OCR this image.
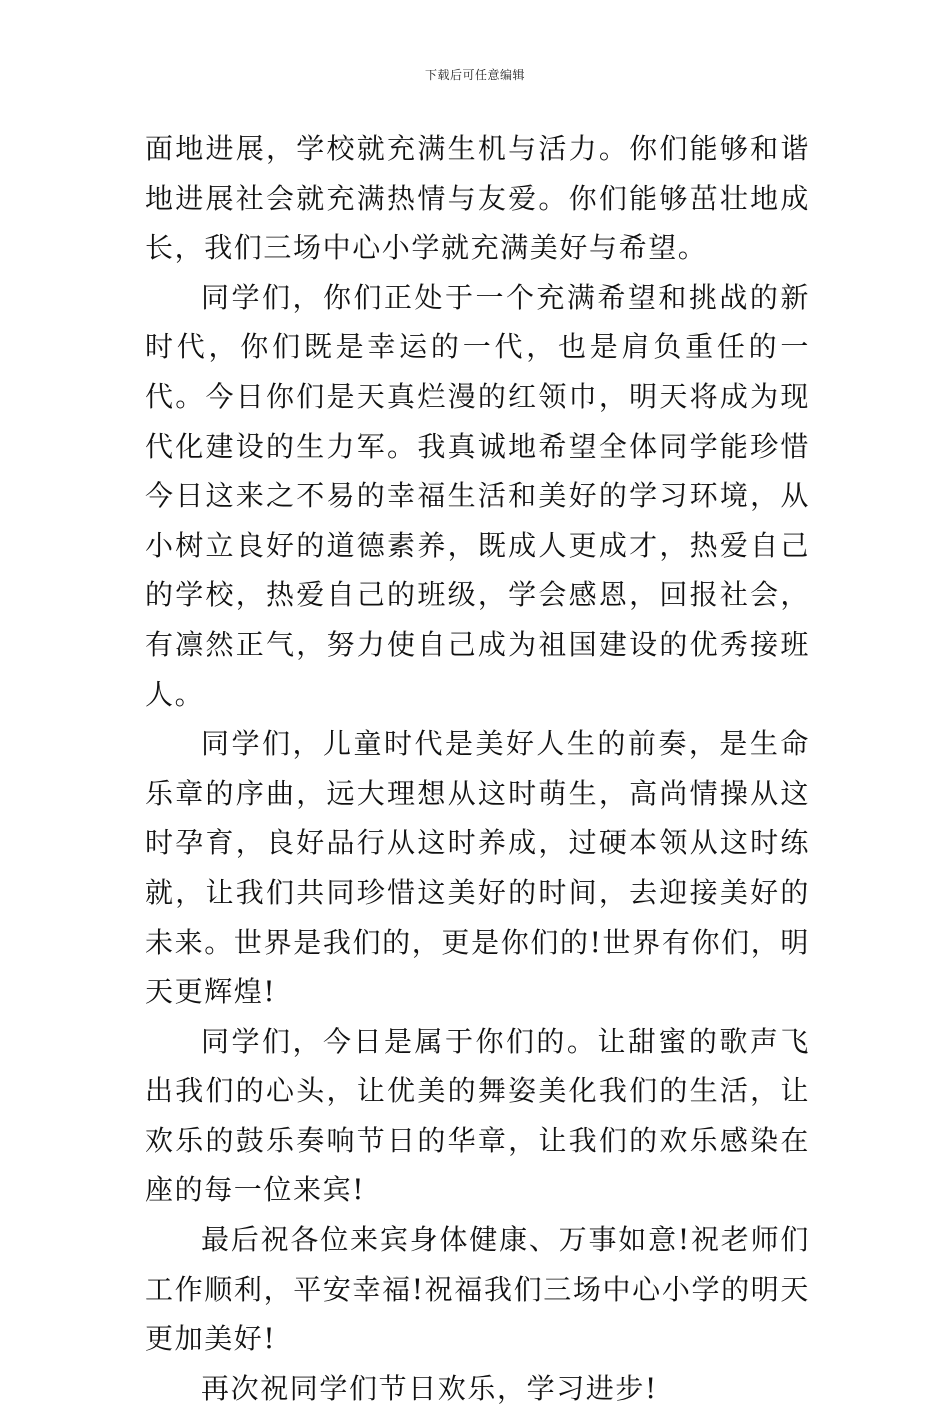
下载后可任意编辑

面地进展，学校就充满生机与活力。你们能够和谐地进展社会就充满热情与友爱。你们能够茁壮地成长，我们三场中心小学就充满美好与希望。

同学们，你们正处于一个充满希望和挑战的新时代，你们既是幸运的一代，也是肩负重任的一代。今日你们是天真烂漫的红领巾，明天将成为现代化建设的生力军。我真诚地希望全体同学能珍惜今日这来之不易的幸福生活和美好的学习环境，从小树立良好的道德素养，既成人更成才，热爱自己的学校，热爱自己的班级，学会感恩，回报社会，有凛然正气，努力使自己成为祖国建设的优秀接班人。

同学们，儿童时代是美好人生的前奏，是生命乐章的序曲，远大理想从这时萌生，高尚情操从这时孕育，良好品行从这时养成，过硬本领从这时练就，让我们共同珍惜这美好的时间，去迎接美好的未来。世界是我们的，更是你们的!世界有你们，明天更辉煌!

同学们，今日是属于你们的。让甜蜜的歌声飞出我们的心头，让优美的舞姿美化我们的生活，让欢乐的鼓乐奏响节日的华章，让我们的欢乐感染在座的每一位来宾!

最后祝各位来宾身体健康、万事如意!祝老师们工作顺利，平安幸福!祝福我们三场中心小学的明天更加美好!

再次祝同学们节日欢乐，学习进步!
